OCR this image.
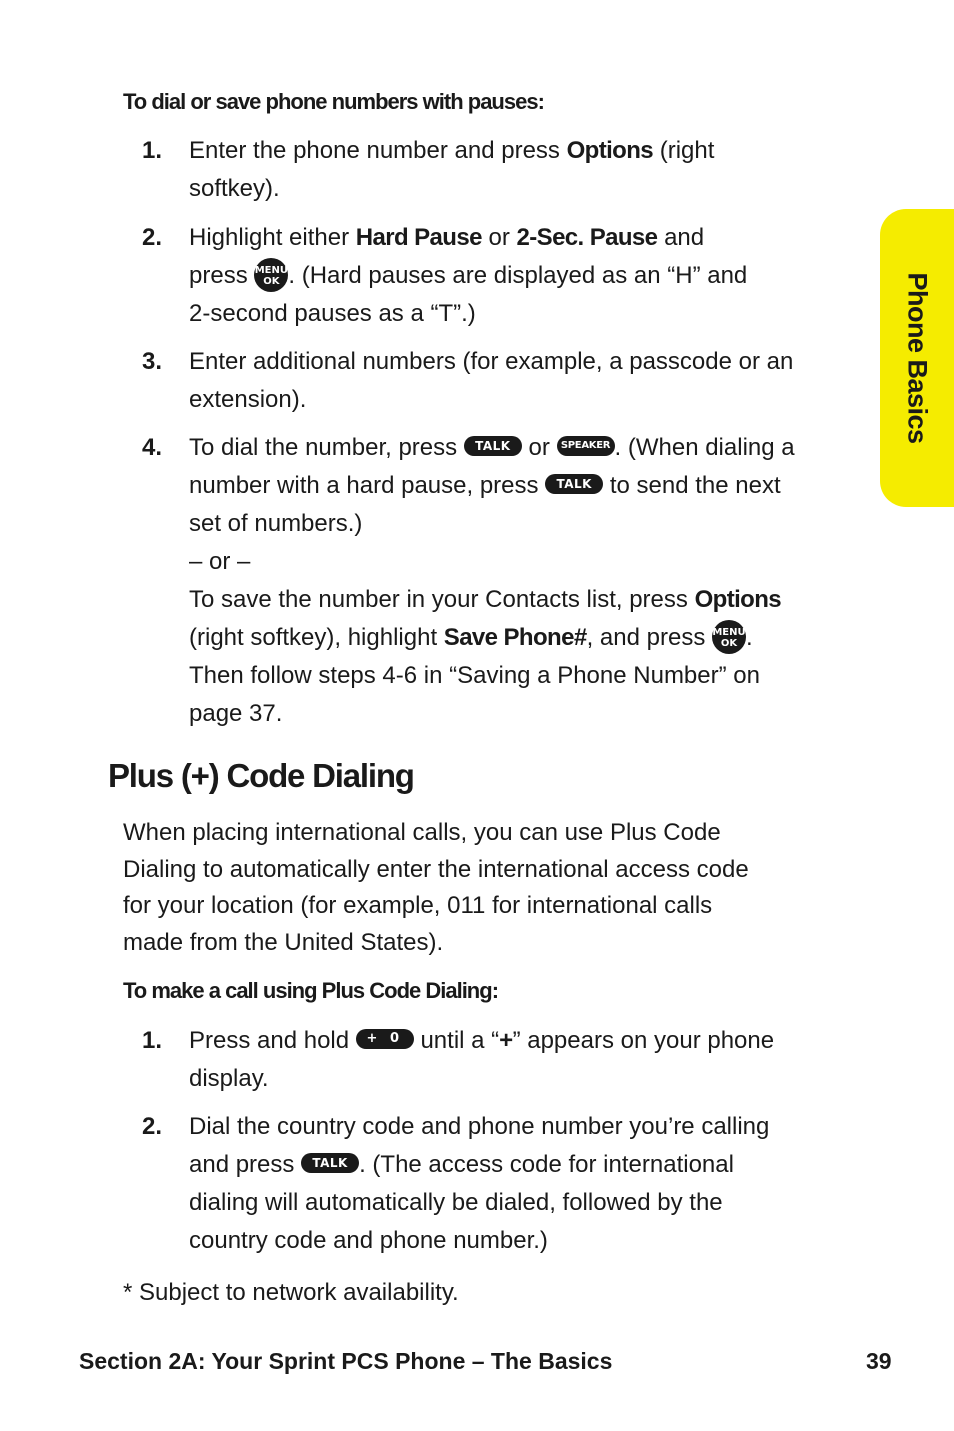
Phone Basics
To dial or save phone numbers with pauses:
1. Enter the phone number and press Options (right
softkey).
2. Highlight either Hard Pause or 2-Sec. Pause and
press MENU
OK . (Hard pauses are displayed as an “H” and
2-second pauses as a “T”.)
3. Enter additional numbers (for example, a passcode or an
extension).
4. To dial the number, press TALK or SPEAKER . (When dialing a
number with a hard pause, press TALK to send the next
set of numbers.)
– or –
To save the number in your Contacts list, press Options
(right softkey), highlight Save Phone#, and press MENU
OK .
Then follow steps 4-6 in “Saving a Phone Number” on
page 37.
Plus (+) Code Dialing
When placing international calls, you can use Plus Code
Dialing to automatically enter the international access code
for your location (for example, 011 for international calls
made from the United States).
To make a call using Plus Code Dialing:
1. Press and hold + 0 until a “+” appears on your phone
display.
2. Dial the country code and phone number you’re calling
and press TALK . (The access code for international
dialing will automatically be dialed, followed by the
country code and phone number.)
* Subject to network availability.
Section 2A: Your Sprint PCS Phone – The Basics	39
